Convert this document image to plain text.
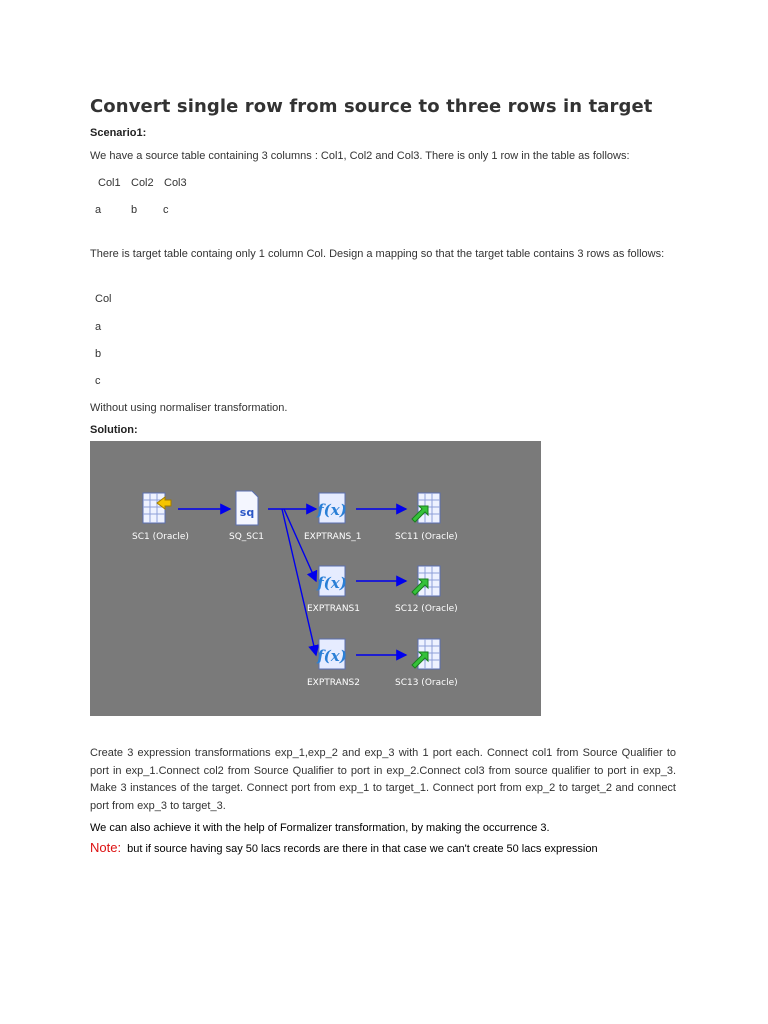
Convert single row from source to three rows in target
Scenario1:
We have a source table containing 3 columns : Col1, Col2 and Col3. There is only 1 row in the table as follows:
Col1 Col2 Col3
a	b c
There is target table containg only 1 column Col. Design a mapping so that the target table contains 3 rows as follows:
Col
a
b
c
Without using normaliser transformation.
Solution:
sq	f(x)
f(x)
f(x)
SC1 (Oracle)	SQ_SC1	EXPTRANS_1
EXPTRANS1
EXPTRANS2
SC11 (Oracle)
SC12 (Oracle)
SC13 (Oracle)
Create 3 expression transformations exp_1,exp_2 and exp_3 with 1 port each. Connect col1 from Source Qualifier to port in exp_1.Connect col2 from Source Qualifier to port in exp_2.Connect col3 from source qualifier to port in exp_3. Make 3 instances of the target. Connect port from exp_1 to target_1. Connect port from exp_2 to target_2 and connect port from exp_3 to target_3.
We can also achieve it with the help of Formalizer transformation, by making the occurrence 3.
Note: but if source having say 50 lacs records are there in that case we can't create 50 lacs expression
